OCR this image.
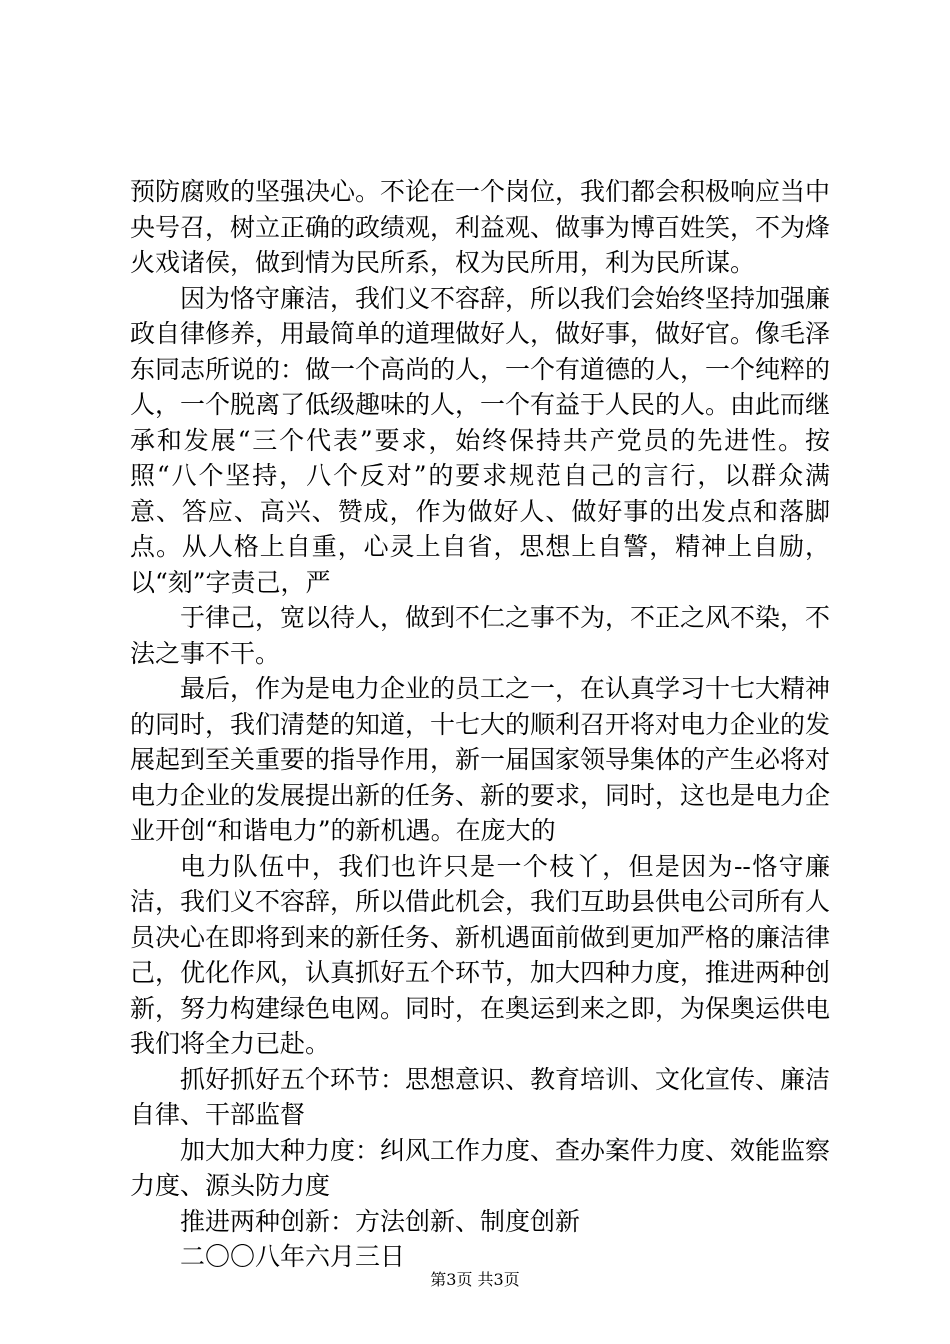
预防腐败的坚强决心。不论在一个岗位，我们都会积极响应当中央号召，树立正确的政绩观，利益观、做事为博百姓笑，不为烽火戏诸侯，做到情为民所系，权为民所用，利为民所谋。

因为恪守廉洁，我们义不容辞，所以我们会始终坚持加强廉政自律修养，用最简单的道理做好人，做好事，做好官。像毛泽东同志所说的：做一个高尚的人，一个有道德的人，一个纯粹的人，一个脱离了低级趣味的人，一个有益于人民的人。由此而继承和发展“三个代表”要求，始终保持共产党员的先进性。按照“八个坚持，八个反对”的要求规范自己的言行，以群众满意、答应、高兴、赞成，作为做好人、做好事的出发点和落脚点。从人格上自重，心灵上自省，思想上自警，精神上自励，以“刻”字责己，严

于律己，宽以待人，做到不仁之事不为，不正之风不染，不法之事不干。

最后，作为是电力企业的员工之一，在认真学习十七大精神的同时，我们清楚的知道，十七大的顺利召开将对电力企业的发展起到至关重要的指导作用，新一届国家领导集体的产生必将对电力企业的发展提出新的任务、新的要求，同时，这也是电力企业开创“和谐电力”的新机遇。在庞大的

电力队伍中，我们也许只是一个枝丫，但是因为--恪守廉洁，我们义不容辞，所以借此机会，我们互助县供电公司所有人员决心在即将到来的新任务、新机遇面前做到更加严格的廉洁律己，优化作风，认真抓好五个环节，加大四种力度，推进两种创新，努力构建绿色电网。同时，在奥运到来之即，为保奥运供电我们将全力已赴。

抓好抓好五个环节：思想意识、教育培训、文化宣传、廉洁自律、干部监督

加大加大种力度：纠风工作力度、查办案件力度、效能监察力度、源头防力度

推进两种创新：方法创新、制度创新

二〇〇八年六月三日

第3页 共3页
